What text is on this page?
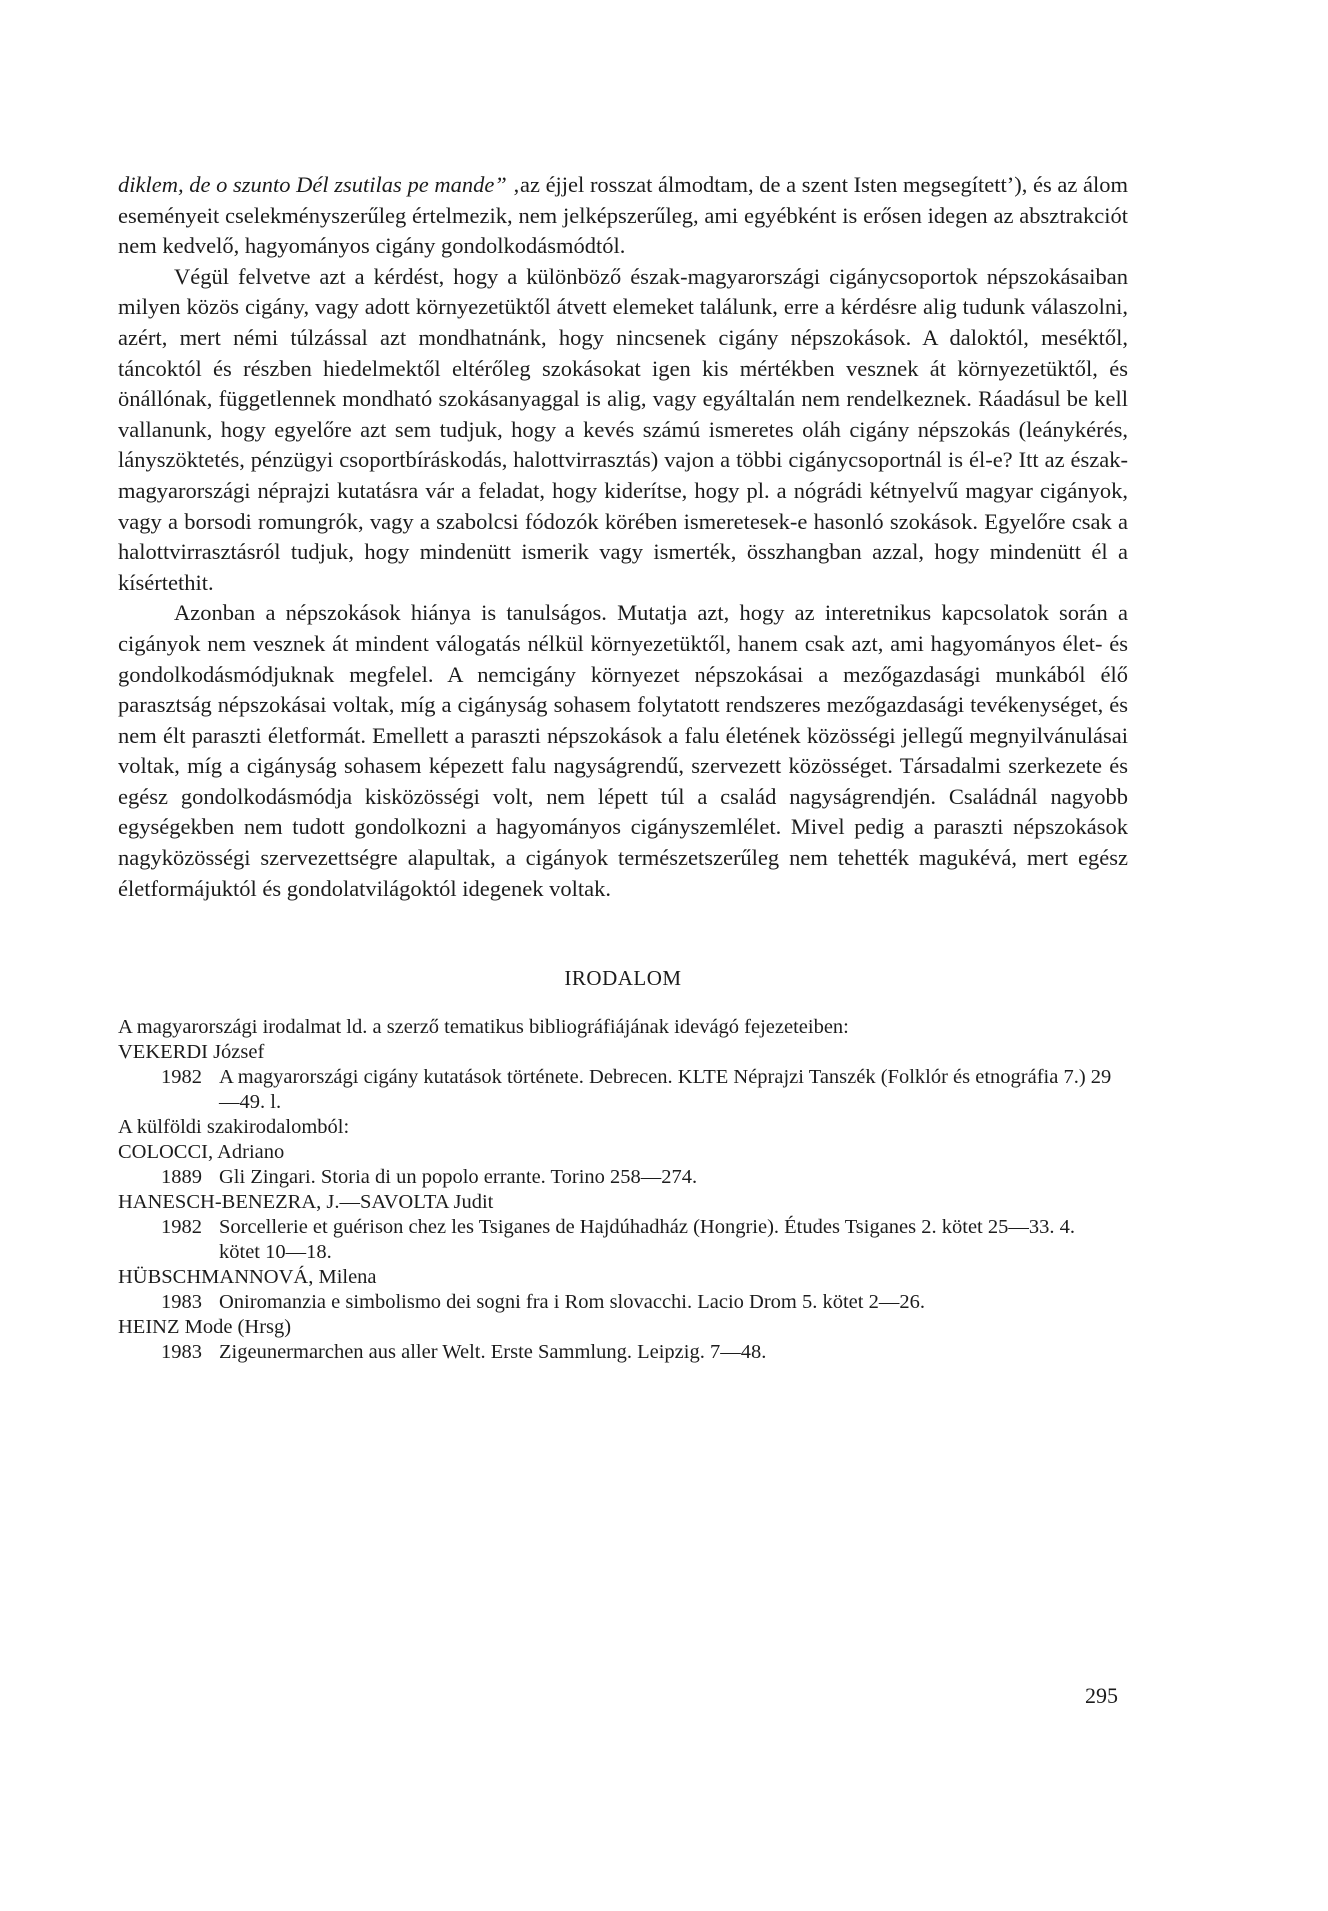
diklem, de o szunto Dél zsutilas pe mande” ‚az éjjel rosszat álmodtam, de a szent Isten megsegített’), és az álom eseményeit cselekményszerűleg értelmezik, nem jelképszerűleg, ami egyébként is erősen idegen az absztrakciót nem kedvelő, hagyományos cigány gondolkodásmódtól.

Végül felvetve azt a kérdést, hogy a különböző észak-magyarországi cigánycsoportok népszokásaiban milyen közös cigány, vagy adott környezetüktől átvett elemeket találunk, erre a kérdésre alig tudunk válaszolni, azért, mert némi túlzással azt mondhatnánk, hogy nincsenek cigány népszokások. A daloktól, meséktől, táncoktól és részben hiedelmektől eltérőleg szokásokat igen kis mértékben vesznek át környezetüktől, és önállónak, függetlennek mondható szokásanyaggal is alig, vagy egyáltalán nem rendelkeznek. Ráadásul be kell vallanunk, hogy egyelőre azt sem tudjuk, hogy a kevés számú ismeretes oláh cigány népszokás (leánykérés, lányszöktetés, pénzügyi csoportbíráskodás, halottvirrasztás) vajon a többi cigánycsoportnál is él-e? Itt az észak-magyarországi néprajzi kutatásra vár a feladat, hogy kiderítse, hogy pl. a nógrádi kétnyelvű magyar cigányok, vagy a borsodi romungrók, vagy a szabolcsi fódozók körében ismeretesek-e hasonló szokások. Egyelőre csak a halottvirrasztásról tudjuk, hogy mindenütt ismerik vagy ismerték, összhangban azzal, hogy mindenütt él a kísértethit.

Azonban a népszokások hiánya is tanulságos. Mutatja azt, hogy az interetnikus kapcsolatok során a cigányok nem vesznek át mindent válogatás nélkül környezetüktől, hanem csak azt, ami hagyományos élet- és gondolkodásmódjuknak megfelel. A nemcigány környezet népszokásai a mezőgazdasági munkából élő parasztság népszokásai voltak, míg a cigányság sohasem folytatott rendszeres mezőgazdasági tevékenységet, és nem élt paraszti életformát. Emellett a paraszti népszokások a falu életének közösségi jellegű megnyilvánulásai voltak, míg a cigányság sohasem képezett falu nagyságrendű, szervezett közösséget. Társadalmi szerkezete és egész gondolkodásmódja kisközösségi volt, nem lépett túl a család nagyságrendjén. Családnál nagyobb egységekben nem tudott gondolkozni a hagyományos cigányszemlélet. Mivel pedig a paraszti népszokások nagyközösségi szervezettségre alapultak, a cigányok természetszerűleg nem tehették magukévá, mert egész életformájuktól és gondolatvilágoktól idegenek voltak.

IRODALOM

A magyarországi irodalmat ld. a szerző tematikus bibliográfiájának idevágó fejezeteiben:

VEKERDI József

1982 A magyarországi cigány kutatások története. Debrecen. KLTE Néprajzi Tanszék (Folklór és etnográfia 7.) 29—49. l.

A külföldi szakirodalomból:

COLOCCI, Adriano

1889 Gli Zingari. Storia di un popolo errante. Torino 258—274.

HANESCH-BENEZRA, J.—SAVOLTA Judit

1982 Sorcellerie et guérison chez les Tsiganes de Hajdúhadház (Hongrie). Études Tsiganes 2. kötet 25—33. 4. kötet 10—18.

HÜBSCHMANNOVÁ, Milena

1983 Oniromanzia e simbolismo dei sogni fra i Rom slovacchi. Lacio Drom 5. kötet 2—26.

HEINZ Mode (Hrsg)

1983 Zigeunermarchen aus aller Welt. Erste Sammlung. Leipzig. 7—48.
295
